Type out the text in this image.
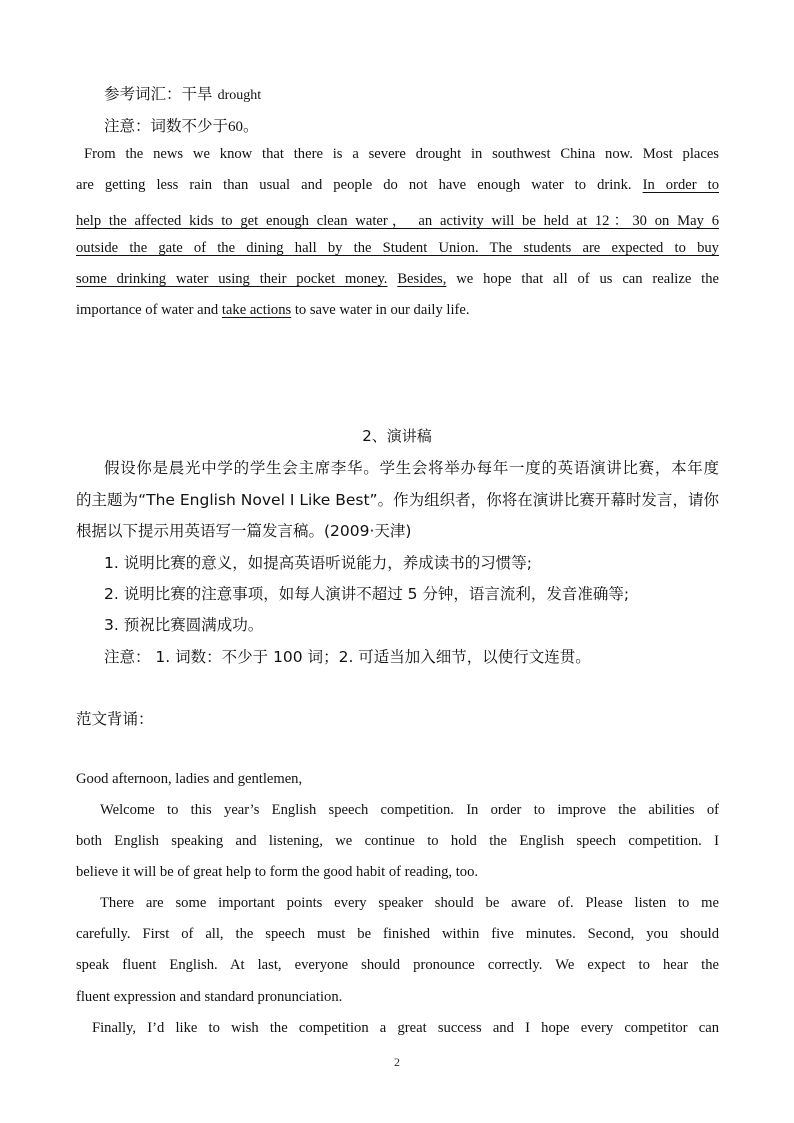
参考词汇：干旱 drought
注意：词数不少于60。
From the news we know that there is a severe drought in southwest China now. Most places
are getting less rain than usual and people do not have enough water to drink. In order to
help the affected kids to get enough clean water， an activity will be held at 12：30 on May 6
outside the gate of the dining hall by the Student Union. The students are expected to buy
some drinking water using their pocket money. Besides, we hope that all of us can realize the
importance of water and take actions to save water in our daily life.
2、演讲稿
假设你是晨光中学的学生会主席李华。学生会将举办每年一度的英语演讲比赛，本年度
的主题为“The English Novel I Like Best”。作为组织者，你将在演讲比赛开幕时发言，请你
根据以下提示用英语写一篇发言稿。(2009·天津)
1. 说明比赛的意义，如提高英语听说能力，养成读书的习惯等;
2. 说明比赛的注意事项，如每人演讲不超过 5 分钟，语言流利，发音准确等;
3. 预祝比赛圆满成功。
注意： 1. 词数：不少于 100 词；2. 可适当加入细节，以使行文连贯。
范文背诵：
Good afternoon, ladies and gentlemen,
Welcome to this year’s English speech competition. In order to improve the abilities of
both English speaking and listening, we continue to hold the English speech competition. I
believe it will be of great help to form the good habit of reading, too.
There are some important points every speaker should be aware of. Please listen to me
carefully. First of all, the speech must be finished within five minutes. Second, you should
speak fluent English. At last, everyone should pronounce correctly. We expect to hear the
fluent expression and standard pronunciation.
Finally, I’d like to wish the competition a great success and I hope every competitor can
2
